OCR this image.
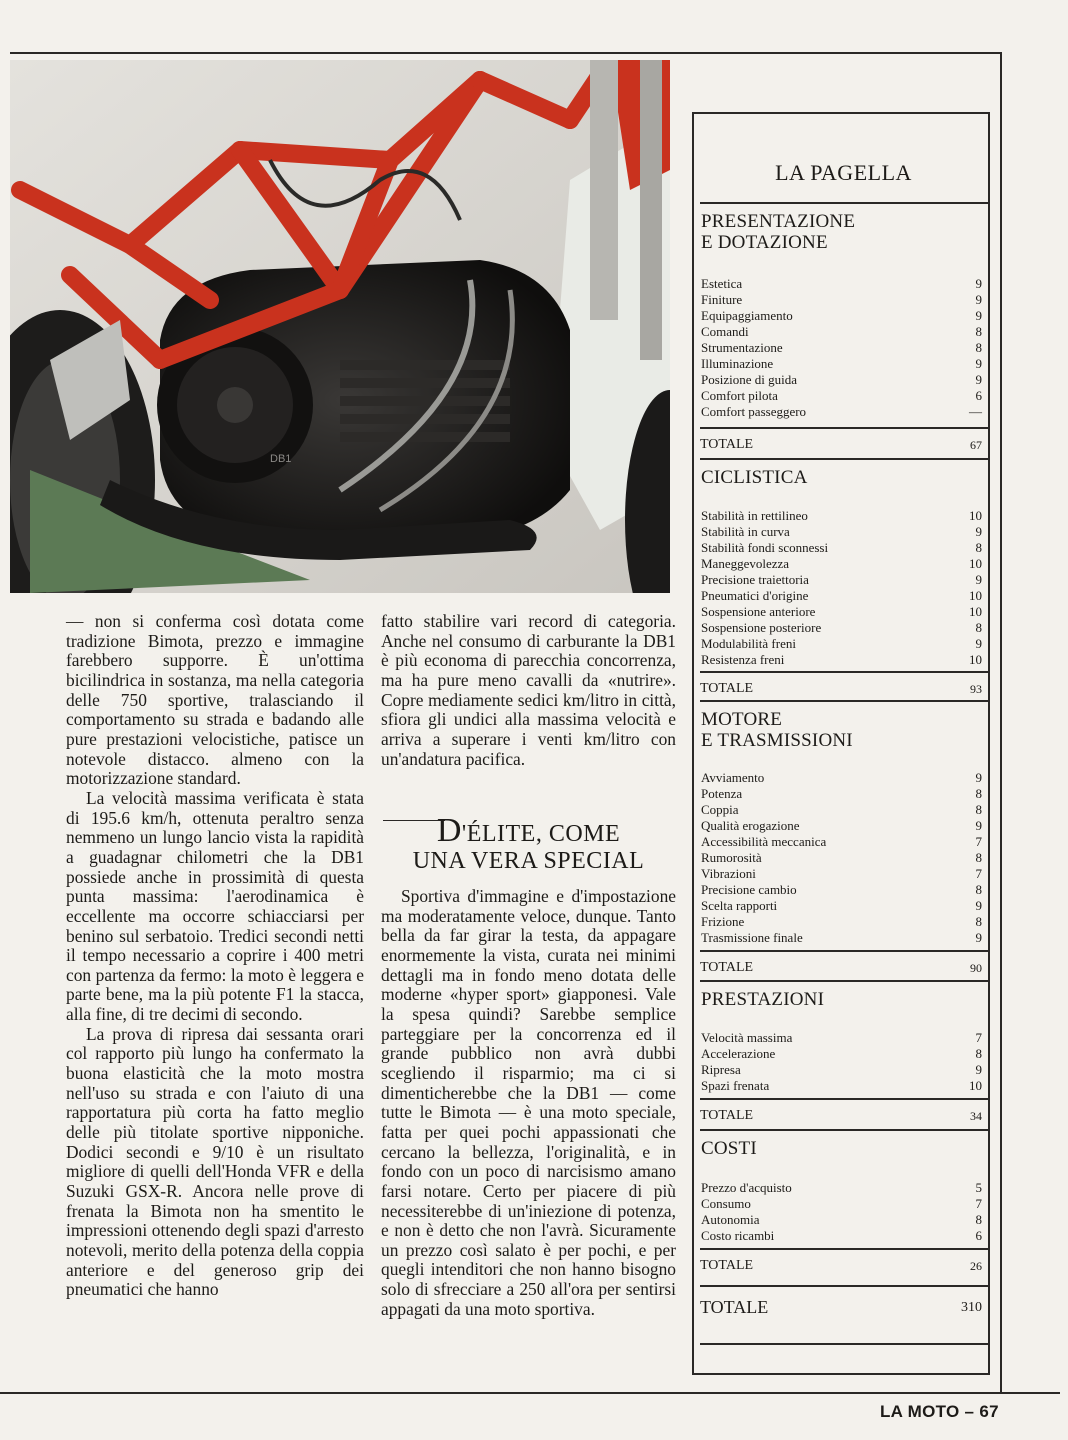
DB1

— non si conferma così dotata come tradizione Bimota, prezzo e immagine farebbero supporre. È un'ottima bicilindrica in sostanza, ma nella categoria delle 750 sportive, tralasciando il comportamento su strada e badando alle pure prestazioni velocistiche, patisce un notevole distacco. almeno con la motorizzazione standard.

La velocità massima verificata è stata di 195.6 km/h, ottenuta peraltro senza nemmeno un lungo lancio vista la rapidità a guadagnar chilometri che la DB1 possiede anche in prossimità di questa punta massima: l'aerodinamica è eccellente ma occorre schiacciarsi per benino sul serbatoio. Tredici secondi netti il tempo necessario a coprire i 400 metri con partenza da fermo: la moto è leggera e parte bene, ma la più potente F1 la stacca, alla fine, di tre decimi di secondo.

La prova di ripresa dai sessanta orari col rapporto più lungo ha confermato la buona elasticità che la moto mostra nell'uso su strada e con l'aiuto di una rapportatura più corta ha fatto meglio delle più titolate sportive nipponiche. Dodici secondi e 9/10 è un risultato migliore di quelli dell'Honda VFR e della Suzuki GSX-R. Ancora nelle prove di frenata la Bimota non ha smentito le impressioni ottenendo degli spazi d'arresto notevoli, merito della potenza della coppia anteriore e del generoso grip dei pneumatici che hanno

fatto stabilire vari record di categoria. Anche nel consumo di carburante la DB1 è più economa di parecchia concorrenza, ma ha pure meno cavalli da «nutrire». Copre mediamente sedici km/litro in città, sfiora gli undici alla massima velocità e arriva a superare i venti km/litro con un'andatura pacifica.

D'ÉLITE, COME
UNA VERA SPECIAL

Sportiva d'immagine e d'impostazione ma moderatamente veloce, dunque. Tanto bella da far girar la testa, da appagare enormemente la vista, curata nei minimi dettagli ma in fondo meno dotata delle moderne «hyper sport» giapponesi. Vale la spesa quindi? Sarebbe semplice parteggiare per la concorrenza ed il grande pubblico non avrà dubbi scegliendo il risparmio; ma ci si dimenticherebbe che la DB1 — come tutte le Bimota — è una moto speciale, fatta per quei pochi appassionati che cercano la bellezza, l'originalità, e in fondo con un poco di narcisismo amano farsi notare. Certo per piacere di più necessiterebbe di un'iniezione di potenza, e non è detto che non l'avrà. Sicuramente un prezzo così salato è per pochi, e per quegli intenditori che non hanno bisogno solo di sfrecciare a 250 all'ora per sentirsi appagati da una moto sportiva.

LA PAGELLA
PRESENTAZIONE
E DOTAZIONE
Estetica	9
Finiture	9
Equipaggiamento	9
Comandi	8
Strumentazione	8
Illuminazione	9
Posizione di guida	9
Comfort pilota	6
Comfort passeggero	—
TOTALE	67
CICLISTICA
Stabilità in rettilineo	10
Stabilità in curva	9
Stabilità fondi sconnessi	8
Maneggevolezza	10
Precisione traiettoria	9
Pneumatici d'origine	10
Sospensione anteriore	10
Sospensione posteriore	8
Modulabilità freni	9
Resistenza freni	10
TOTALE	93
MOTORE
E TRASMISSIONI
Avviamento	9
Potenza	8
Coppia	8
Qualità erogazione	9
Accessibilità meccanica	7
Rumorosità	8
Vibrazioni	7
Precisione cambio	8
Scelta rapporti	9
Frizione	8
Trasmissione finale	9
TOTALE	90
PRESTAZIONI
Velocità massima	7
Accelerazione	8
Ripresa	9
Spazi frenata	10
TOTALE	34
COSTI
Prezzo d'acquisto	5
Consumo	7
Autonomia	8
Costo ricambi	6
TOTALE	26
TOTALE	310
LA MOTO – 67
